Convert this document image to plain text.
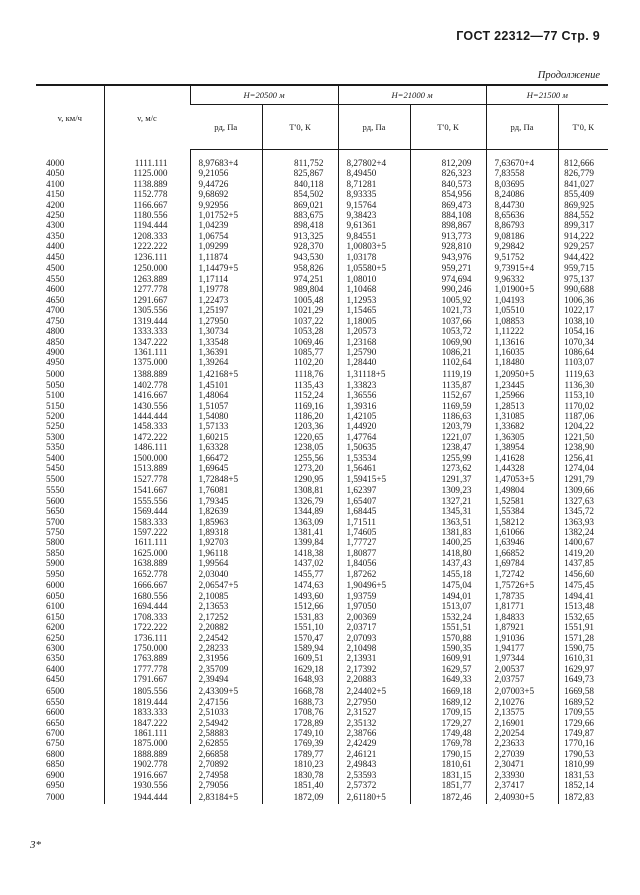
ГОСТ 22312—77 Стр. 9
Продолжение
v, км/ч	v, м/с	H=20500 м		H=21000 м		H=21500 м	
		pд, Па	T′0, К	pд, Па	T′0, К	pд, Па	T′0, К
4000	1111.111	8,97683+4	811,752	8,27802+4	812,209	7,63670+4	812,666
4050	1125.000	9,21056	825,867	8,49450	826,323	7,83558	826,779
4100	1138.889	9,44726	840,118	8,71281	840,573	8,03695	841,027
4150	1152.778	9,68692	854,502	8,93335	854,956	8,24086	855,409
4200	1166.667	9,92956	869,021	9,15764	869,473	8,44730	869,925
4250	1180.556	1,01752+5	883,675	9,38423	884,108	8,65636	884,552
4300	1194.444	1,04239	898,418	9,61361	898,867	8,86793	899,317
4350	1208.333	1,06754	913,325	9,84551	913,773	9,08186	914,222
4400	1222.222	1,09299	928,370	1,00803+5	928,810	9,29842	929,257
4450	1236.111	1,11874	943,530	1,03178	943,976	9,51752	944,422
4500	1250.000	1,14479+5	958,826	1,05580+5	959,271	9,73915+4	959,715
4550	1263.889	1,17114	974,251	1,08010	974,694	9,96332	975,137
4600	1277.778	1,19778	989,804	1,10468	990,246	1,01900+5	990,688
4650	1291.667	1,22473	1005,48	1,12953	1005,92	1,04193	1006,36
4700	1305.556	1,25197	1021,29	1,15465	1021,73	1,05510	1022,17
4750	1319.444	1,27950	1037,22	1,18005	1037,66	1,08853	1038,10
4800	1333.333	1,30734	1053,28	1,20573	1053,72	1,11222	1054,16
4850	1347.222	1,33548	1069,46	1,23168	1069,90	1,13616	1070,34
4900	1361.111	1,36391	1085,77	1,25790	1086,21	1,16035	1086,64
4950	1375.000	1,39264	1102,20	1,28440	1102,64	1,18480	1103,07
5000	1388.889	1,42168+5	1118,76	1,31118+5	1119,19	1,20950+5	1119,63
5050	1402.778	1,45101	1135,43	1,33823	1135,87	1,23445	1136,30
5100	1416.667	1,48064	1152,24	1,36556	1152,67	1,25966	1153,10
5150	1430.556	1,51057	1169,16	1,39316	1169,59	1,28513	1170,02
5200	1444.444	1,54080	1186,20	1,42105	1186,63	1,31085	1187,06
5250	1458.333	1,57133	1203,36	1,44920	1203,79	1,33682	1204,22
5300	1472.222	1,60215	1220,65	1,47764	1221,07	1,36305	1221,50
5350	1486.111	1,63328	1238,05	1,50635	1238,47	1,38954	1238,90
5400	1500.000	1,66472	1255,56	1,53534	1255,99	1,41628	1256,41
5450	1513.889	1,69645	1273,20	1,56461	1273,62	1,44328	1274,04
5500	1527.778	1,72848+5	1290,95	1,59415+5	1291,37	1,47053+5	1291,79
5550	1541.667	1,76081	1308,81	1,62397	1309,23	1,49804	1309,66
5600	1555.556	1,79345	1326,79	1,65407	1327,21	1,52581	1327,63
5650	1569.444	1,82639	1344,89	1,68445	1345,31	1,55384	1345,72
5700	1583.333	1,85963	1363,09	1,71511	1363,51	1,58212	1363,93
5750	1597.222	1,89318	1381,41	1,74605	1381,83	1,61066	1382,24
5800	1611.111	1,92703	1399,84	1,77727	1400,25	1,63946	1400,67
5850	1625.000	1,96118	1418,38	1,80877	1418,80	1,66852	1419,20
5900	1638.889	1,99564	1437,02	1,84056	1437,43	1,69784	1437,85
5950	1652.778	2,03040	1455,77	1,87262	1455,18	1,72742	1456,60
6000	1666.667	2,06547+5	1474,63	1,90496+5	1475,04	1,75726+5	1475,45
6050	1680.556	2,10085	1493,60	1,93759	1494,01	1,78735	1494,41
6100	1694.444	2,13653	1512,66	1,97050	1513,07	1,81771	1513,48
6150	1708.333	2,17252	1531,83	2,00369	1532,24	1,84833	1532,65
6200	1722.222	2,20882	1551,10	2,03717	1551,51	1,87921	1551,91
6250	1736.111	2,24542	1570,47	2,07093	1570,88	1,91036	1571,28
6300	1750.000	2,28233	1589,94	2,10498	1590,35	1,94177	1590,75
6350	1763.889	2,31956	1609,51	2,13931	1609,91	1,97344	1610,31
6400	1777.778	2,35709	1629,18	2,17392	1629,57	2,00537	1629,97
6450	1791.667	2,39494	1648,93	2,20883	1649,33	2,03757	1649,73
6500	1805.556	2,43309+5	1668,78	2,24402+5	1669,18	2,07003+5	1669,58
6550	1819.444	2,47156	1688,73	2,27950	1689,12	2,10276	1689,52
6600	1833.333	2,51033	1708,76	2,31527	1709,15	2,13575	1709,55
6650	1847.222	2,54942	1728,89	2,35132	1729,27	2,16901	1729,66
6700	1861.111	2,58883	1749,10	2,38766	1749,48	2,20254	1749,87
6750	1875.000	2,62855	1769,39	2,42429	1769,78	2,23633	1770,16
6800	1888.889	2,66858	1789,77	2,46121	1790,15	2,27039	1790,53
6850	1902.778	2,70892	1810,23	2,49843	1810,61	2,30471	1810,99
6900	1916.667	2,74958	1830,78	2,53593	1831,15	2,33930	1831,53
6950	1930.556	2,79056	1851,40	2,57372	1851,77	2,37417	1852,14
7000	1944.444	2,83184+5	1872,09	2,61180+5	1872,46	2,40930+5	1872,83
3*
